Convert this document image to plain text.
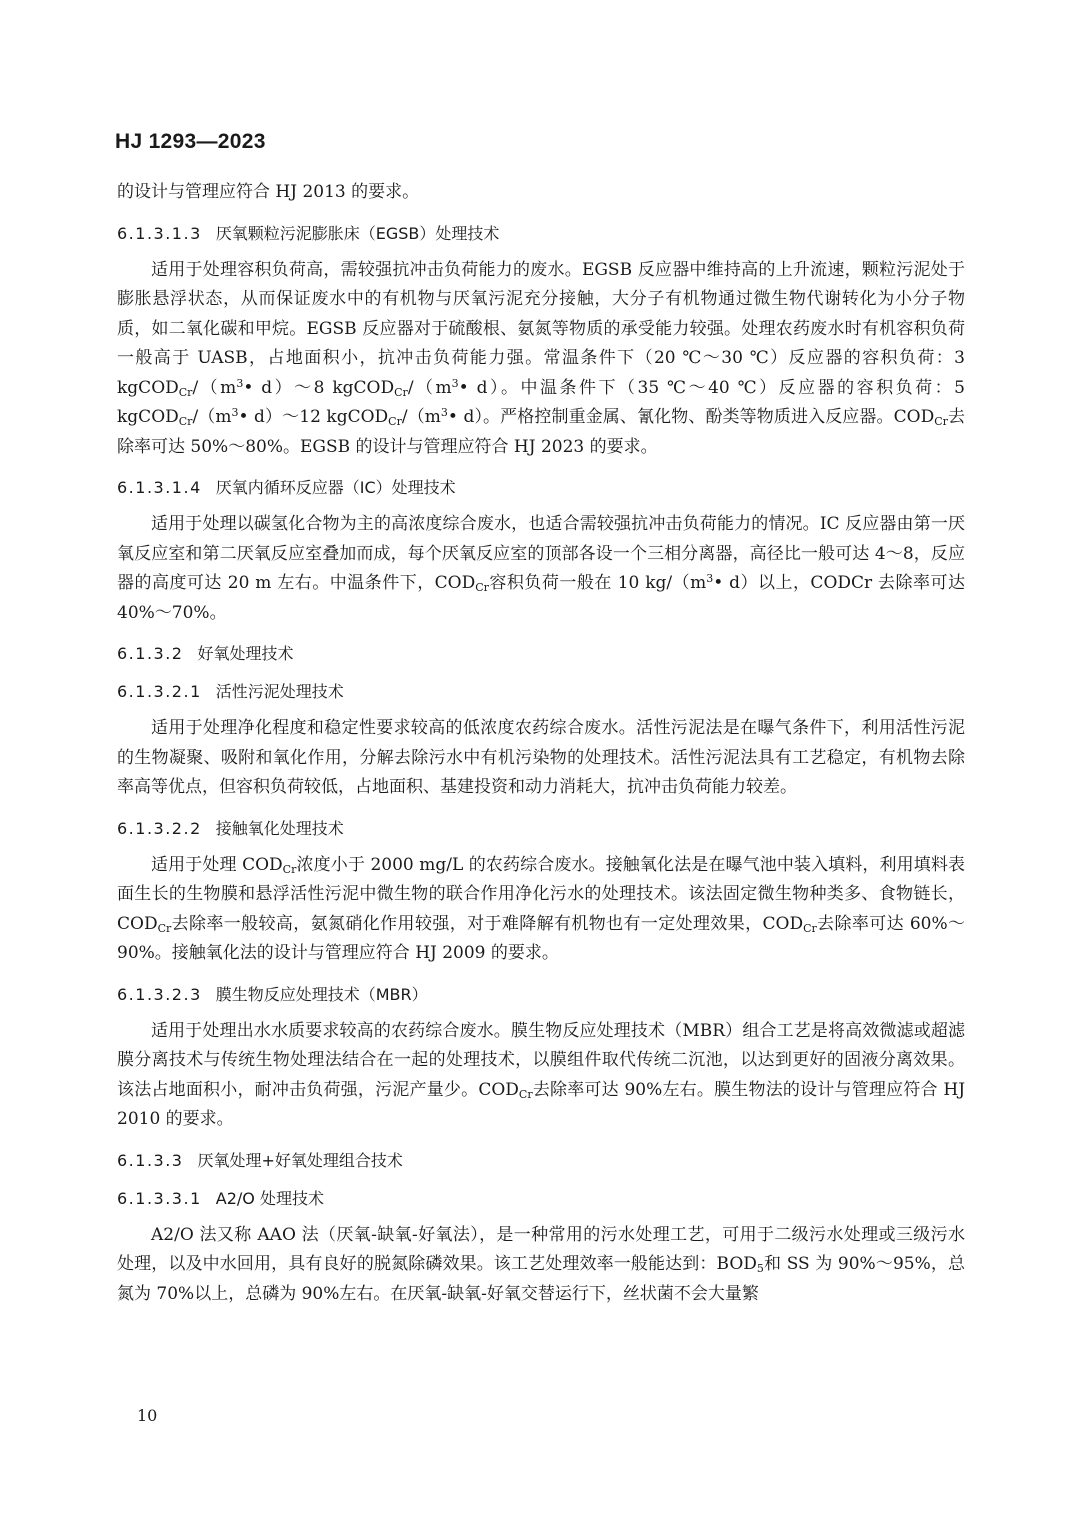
HJ 1293—2023

的设计与管理应符合 HJ 2013 的要求。

6.1.3.1.3 厌氧颗粒污泥膨胀床（EGSB）处理技术

适用于处理容积负荷高，需较强抗冲击负荷能力的废水。EGSB 反应器中维持高的上升流速，颗粒污泥处于膨胀悬浮状态，从而保证废水中的有机物与厌氧污泥充分接触，大分子有机物通过微生物代谢转化为小分子物质，如二氧化碳和甲烷。EGSB 反应器对于硫酸根、氨氮等物质的承受能力较强。处理农药废水时有机容积负荷一般高于 UASB，占地面积小，抗冲击负荷能力强。常温条件下（20 ℃～30 ℃）反应器的容积负荷：3 $kgCOD_{Cr}/(m^3•$ d）～8 $kgCOD_{Cr}/(m^3•$ d）。中温条件下（35 ℃～40 ℃）反应器的容积负荷：5 $kgCOD_{Cr}/(m^3•$ d）～12 $kgCOD_{Cr}/(m^3•$ d）。严格控制重金属、氰化物、酚类等物质进入反应器。$COD_{Cr}$去除率可达 50%～80%。EGSB 的设计与管理应符合 HJ 2023 的要求。

6.1.3.1.4 厌氧内循环反应器（IC）处理技术

适用于处理以碳氢化合物为主的高浓度综合废水，也适合需较强抗冲击负荷能力的情况。IC 反应器由第一厌氧反应室和第二厌氧反应室叠加而成，每个厌氧反应室的顶部各设一个三相分离器，高径比一般可达 4～8，反应器的高度可达 20 m 左右。中温条件下，$COD_{Cr}$容积负荷一般在 10 $kg/(m^3•$ d）以上，CODCr 去除率可达 40%～70%。

6.1.3.2 好氧处理技术
6.1.3.2.1 活性污泥处理技术

适用于处理净化程度和稳定性要求较高的低浓度农药综合废水。活性污泥法是在曝气条件下，利用活性污泥的生物凝聚、吸附和氧化作用，分解去除污水中有机污染物的处理技术。活性污泥法具有工艺稳定，有机物去除率高等优点，但容积负荷较低，占地面积、基建投资和动力消耗大，抗冲击负荷能力较差。

6.1.3.2.2 接触氧化处理技术

适用于处理 $COD_{Cr}$浓度小于 2000 mg/L 的农药综合废水。接触氧化法是在曝气池中装入填料，利用填料表面生长的生物膜和悬浮活性污泥中微生物的联合作用净化污水的处理技术。该法固定微生物种类多、食物链长，$COD_{Cr}$去除率一般较高，氨氮硝化作用较强，对于难降解有机物也有一定处理效果，$COD_{Cr}$去除率可达 60%～90%。接触氧化法的设计与管理应符合 HJ 2009 的要求。

6.1.3.2.3 膜生物反应处理技术（MBR）

适用于处理出水水质要求较高的农药综合废水。膜生物反应处理技术（MBR）组合工艺是将高效微滤或超滤膜分离技术与传统生物处理法结合在一起的处理技术，以膜组件取代传统二沉池，以达到更好的固液分离效果。该法占地面积小，耐冲击负荷强，污泥产量少。$COD_{Cr}$去除率可达 90%左右。膜生物法的设计与管理应符合 HJ 2010 的要求。

6.1.3.3 厌氧处理+好氧处理组合技术
6.1.3.3.1 A2/O 处理技术

A2/O 法又称 AAO 法（厌氧-缺氧-好氧法），是一种常用的污水处理工艺，可用于二级污水处理或三级污水处理，以及中水回用，具有良好的脱氮除磷效果。该工艺处理效率一般能达到：$BOD_5$和 SS 为 90%～95%，总氮为 70%以上，总磷为 90%左右。在厌氧-缺氧-好氧交替运行下，丝状菌不会大量繁

10
